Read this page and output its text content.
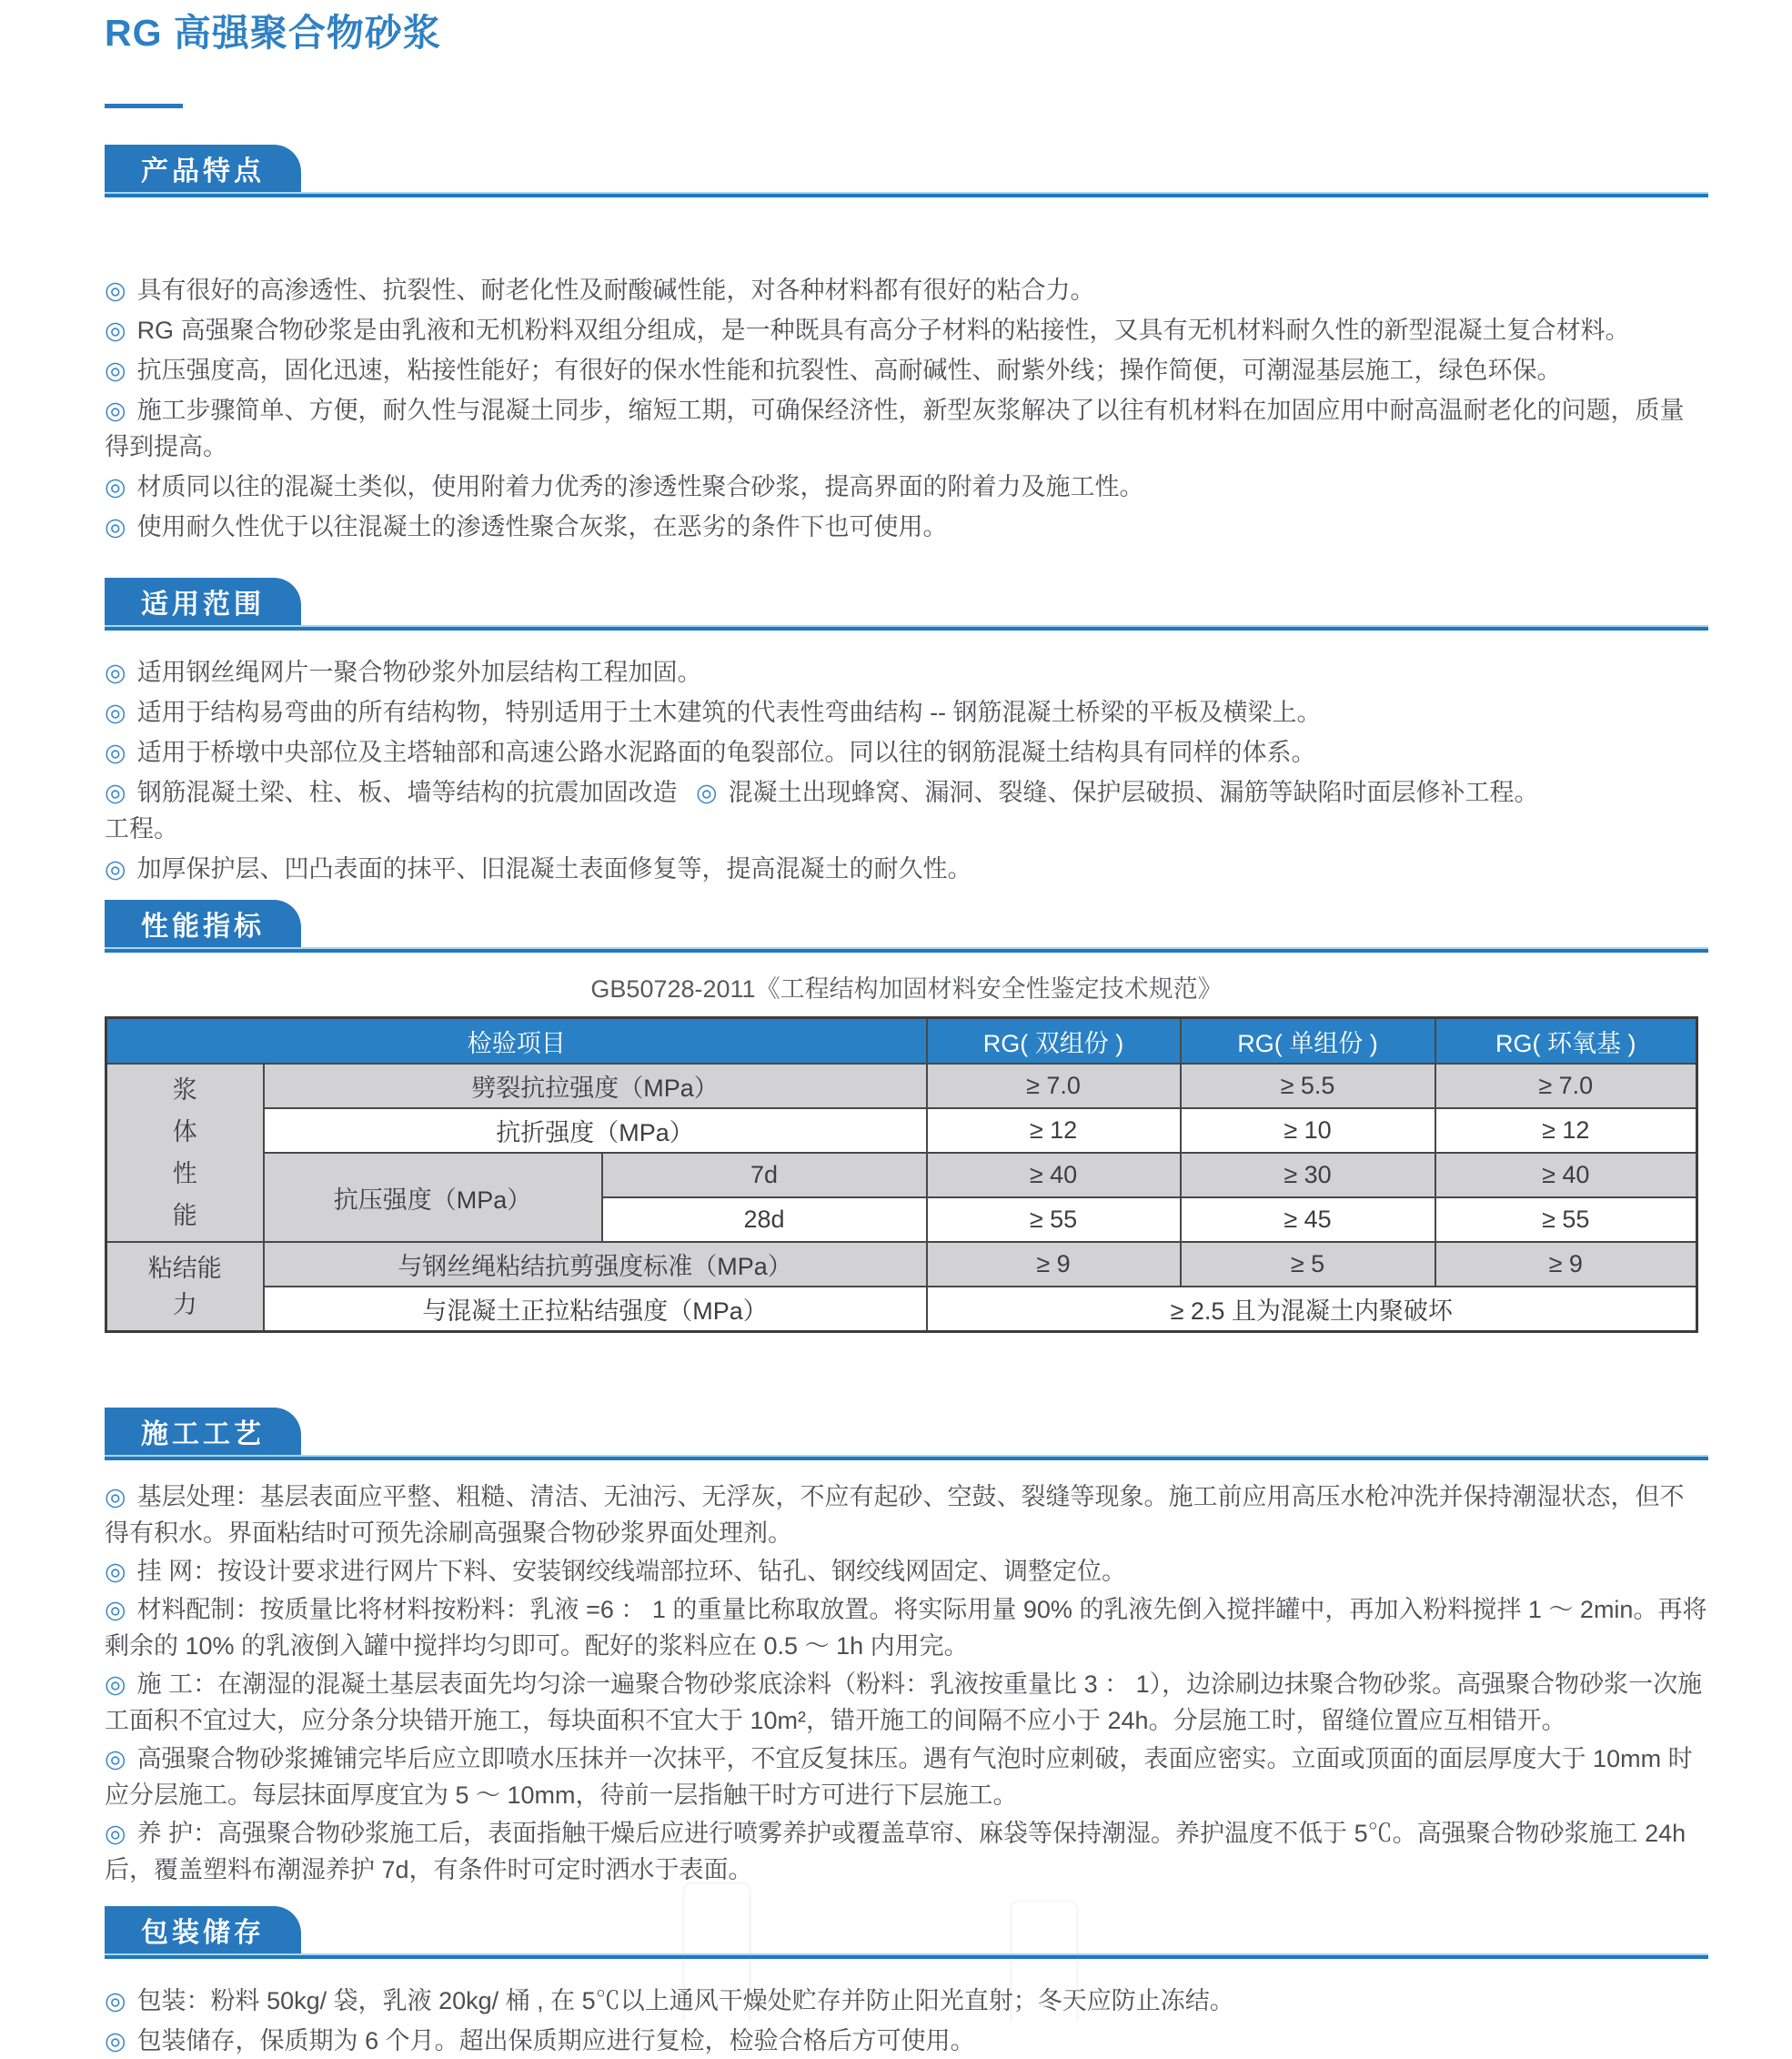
RG 高强聚合物砂浆
产品特点

◎ 具有很好的高渗透性、抗裂性、耐老化性及耐酸碱性能，对各种材料都有很好的粘合力。

◎ RG 高强聚合物砂浆是由乳液和无机粉料双组分组成，是一种既具有高分子材料的粘接性，又具有无机材料耐久性的新型混凝土复合材料。

◎ 抗压强度高，固化迅速，粘接性能好；有很好的保水性能和抗裂性、高耐碱性、耐紫外线；操作简便，可潮湿基层施工，绿色环保。

◎ 施工步骤简单、方便，耐久性与混凝土同步，缩短工期，可确保经济性，新型灰浆解决了以往有机材料在加固应用中耐高温耐老化的问题，质量得到提高。

◎ 材质同以往的混凝土类似，使用附着力优秀的渗透性聚合砂浆，提高界面的附着力及施工性。

◎ 使用耐久性优于以往混凝土的渗透性聚合灰浆，在恶劣的条件下也可使用。

适用范围

◎ 适用钢丝绳网片一聚合物砂浆外加层结构工程加固。

◎ 适用于结构易弯曲的所有结构物，特别适用于土木建筑的代表性弯曲结构 -- 钢筋混凝土桥梁的平板及横梁上。

◎ 适用于桥墩中央部位及主塔轴部和高速公路水泥路面的龟裂部位。同以往的钢筋混凝土结构具有同样的体系。

◎ 钢筋混凝土梁、柱、板、墙等结构的抗震加固改造工程。
◎ 混凝土出现蜂窝、漏洞、裂缝、保护层破损、漏筋等缺陷时面层修补工程。

◎ 加厚保护层、凹凸表面的抹平、旧混凝土表面修复等，提高混凝土的耐久性。

性能指标
GB50728-2011《工程结构加固材料安全性鉴定技术规范》
检验项目			RG( 双组份 )	RG( 单组份 )	RG( 环氧基 )
浆体性能	劈裂抗拉强度（MPa）		≥ 7.0	≥ 5.5	≥ 7.0
	抗折强度（MPa）		≥ 12	≥ 10	≥ 12
	抗压强度（MPa）	7d	≥ 40	≥ 30	≥ 40
		28d	≥ 55	≥ 45	≥ 55
粘结能力	与钢丝绳粘结抗剪强度标准（MPa）		≥ 9	≥ 5	≥ 9
	与混凝土正拉粘结强度（MPa）		≥ 2.5 且为混凝土内聚破坏		
施工工艺

◎ 基层处理：基层表面应平整、粗糙、清洁、无油污、无浮灰，不应有起砂、空鼓、裂缝等现象。施工前应用高压水枪冲洗并保持潮湿状态，但不得有积水。界面粘结时可预先涂刷高强聚合物砂浆界面处理剂。

◎ 挂 网：按设计要求进行网片下料、安装钢绞线端部拉环、钻孔、钢绞线网固定、调整定位。

◎ 材料配制：按质量比将材料按粉料：乳液 =6 ： 1 的重量比称取放置。将实际用量 90% 的乳液先倒入搅拌罐中，再加入粉料搅拌 1 ～ 2min。再将剩余的 10% 的乳液倒入罐中搅拌均匀即可。配好的浆料应在 0.5 ～ 1h 内用完。

◎ 施 工：在潮湿的混凝土基层表面先均匀涂一遍聚合物砂浆底涂料（粉料：乳液按重量比 3 ： 1），边涂刷边抹聚合物砂浆。高强聚合物砂浆一次施工面积不宜过大，应分条分块错开施工，每块面积不宜大于 10m²，错开施工的间隔不应小于 24h。分层施工时，留缝位置应互相错开。

◎ 高强聚合物砂浆摊铺完毕后应立即喷水压抹并一次抹平，不宜反复抹压。遇有气泡时应刺破，表面应密实。立面或顶面的面层厚度大于 10mm 时应分层施工。每层抹面厚度宜为 5 ～ 10mm，待前一层指触干时方可进行下层施工。

◎ 养 护：高强聚合物砂浆施工后，表面指触干燥后应进行喷雾养护或覆盖草帘、麻袋等保持潮湿。养护温度不低于 5℃。高强聚合物砂浆施工 24h 后，覆盖塑料布潮湿养护 7d，有条件时可定时洒水于表面。

包装储存

◎ 包装：粉料 50kg/ 袋，乳液 20kg/ 桶 , 在 5℃以上通风干燥处贮存并防止阳光直射；冬天应防止冻结。

◎ 包装储存，保质期为 6 个月。超出保质期应进行复检，检验合格后方可使用。
